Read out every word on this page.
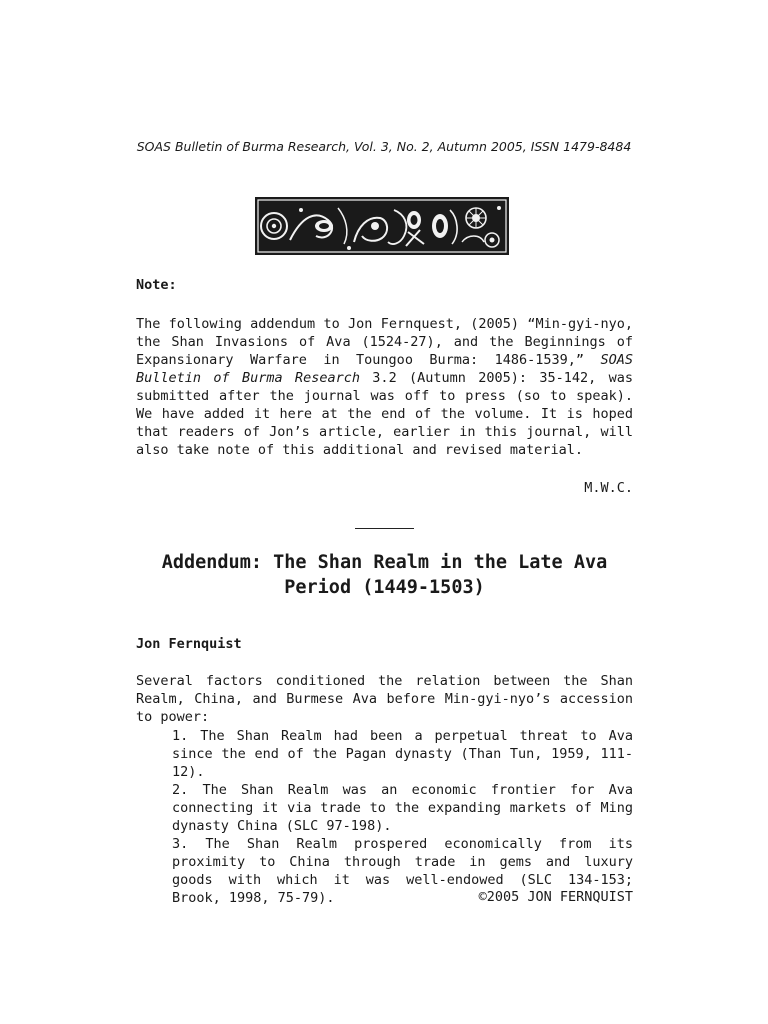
SOAS Bulletin of Burma Research, Vol. 3, No. 2, Autumn 2005, ISSN 1479-8484
Note:
The following addendum to Jon Fernquest, (2005) “Min-gyi-nyo, the Shan Invasions of Ava (1524-27), and the Beginnings of Expansionary Warfare in Toungoo Burma: 1486-1539,” SOAS Bulletin of Burma Research 3.2 (Autumn 2005): 35-142, was submitted after the journal was off to press (so to speak). We have added it here at the end of the volume. It is hoped that readers of Jon’s article, earlier in this journal, will also take note of this additional and revised material.
M.W.C.
Addendum: The Shan Realm in the Late Ava Period (1449-1503)
Jon Fernquist
Several factors conditioned the relation between the Shan Realm, China, and Burmese Ava before Min-gyi-nyo’s accession to power:
1. The Shan Realm had been a perpetual threat to Ava since the end of the Pagan dynasty (Than Tun, 1959, 111-12).
2. The Shan Realm was an economic frontier for Ava connecting it via trade to the expanding markets of Ming dynasty China (SLC 97-198).
3. The Shan Realm prospered economically from its proximity to China through trade in gems and luxury goods with which it was well-endowed (SLC 134-153; Brook, 1998, 75-79).	©2005 JON FERNQUIST
